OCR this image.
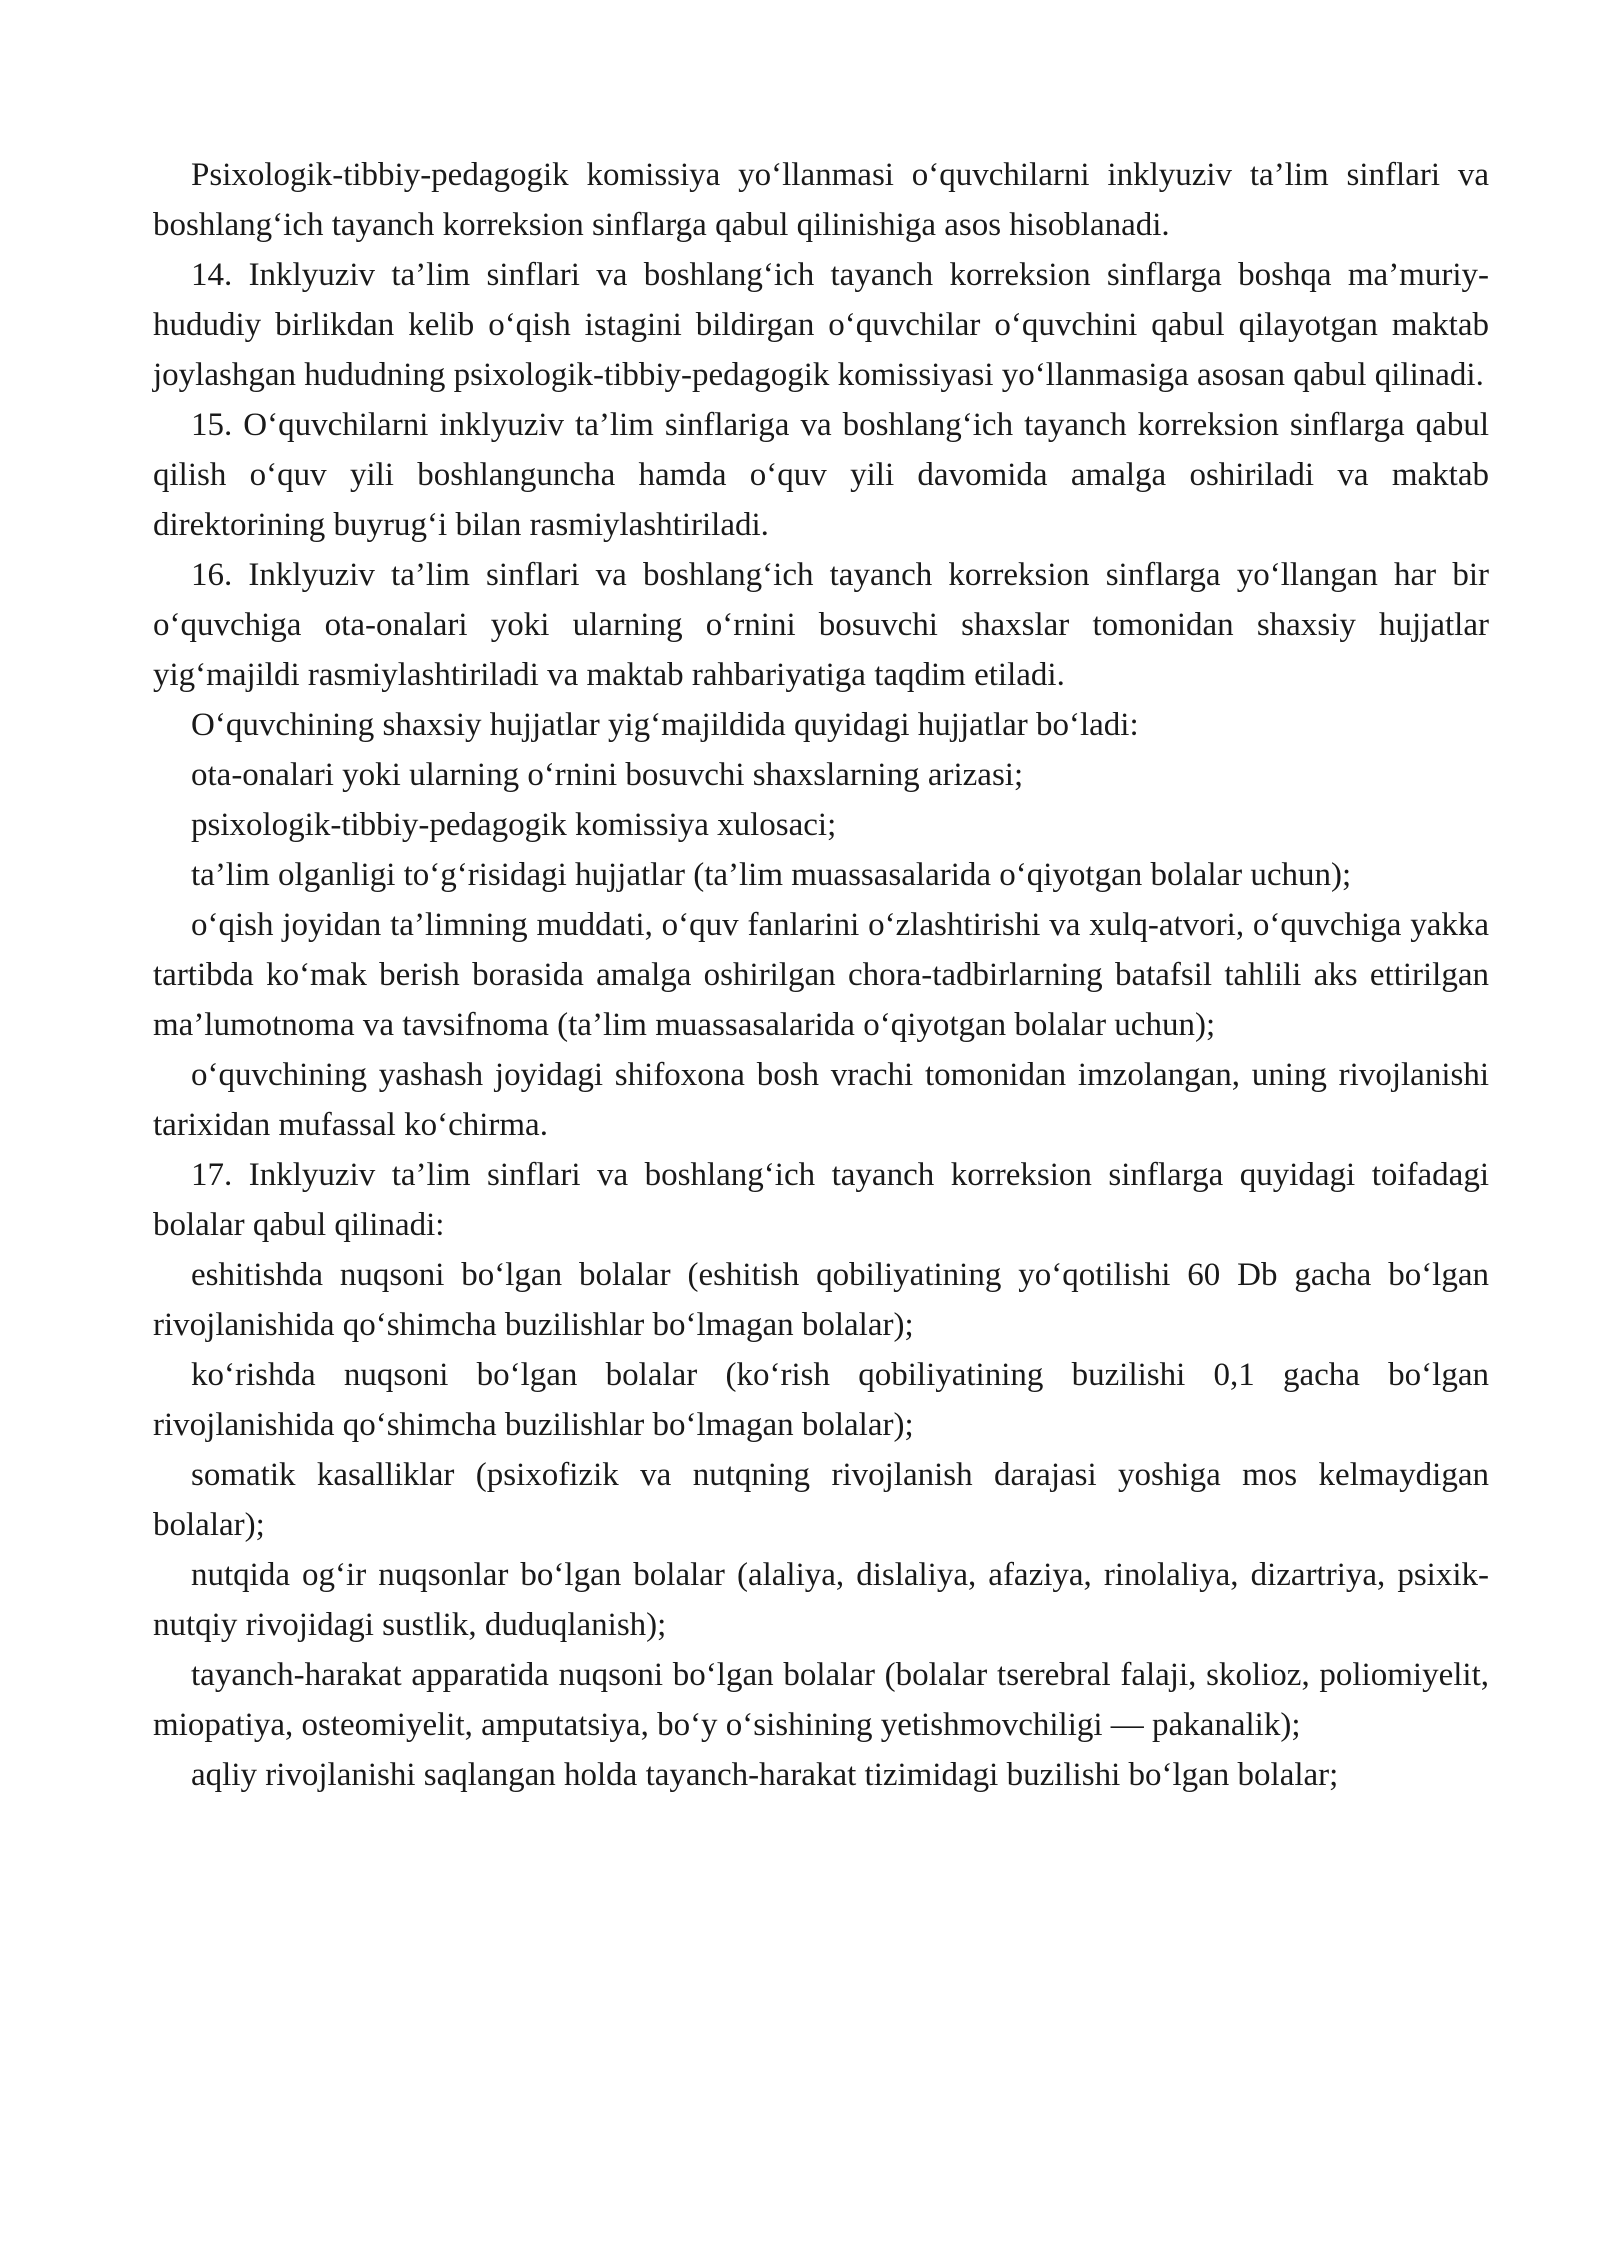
Psixologik-tibbiy-pedagogik komissiya yo‘llanmasi o‘quvchilarni inklyuziv ta’lim sinflari va boshlang‘ich tayanch korreksion sinflarga qabul qilinishiga asos hisoblanadi.

14. Inklyuziv ta’lim sinflari va boshlang‘ich tayanch korreksion sinflarga boshqa ma’muriy-hududiy birlikdan kelib o‘qish istagini bildirgan o‘quvchilar o‘quvchini qabul qilayotgan maktab joylashgan hududning psixologik-tibbiy-pedagogik komissiyasi yo‘llanmasiga asosan qabul qilinadi.

15. O‘quvchilarni inklyuziv ta’lim sinflariga va boshlang‘ich tayanch korreksion sinflarga qabul qilish o‘quv yili boshlanguncha hamda o‘quv yili davomida amalga oshiriladi va maktab direktorining buyrug‘i bilan rasmiylashtiriladi.

16. Inklyuziv ta’lim sinflari va boshlang‘ich tayanch korreksion sinflarga yo‘llangan har bir o‘quvchiga ota-onalari yoki ularning o‘rnini bosuvchi shaxslar tomonidan shaxsiy hujjatlar yig‘majildi rasmiylashtiriladi va maktab rahbariyatiga taqdim etiladi.

O‘quvchining shaxsiy hujjatlar yig‘majildida quyidagi hujjatlar bo‘ladi:

ota-onalari yoki ularning o‘rnini bosuvchi shaxslarning arizasi;

psixologik-tibbiy-pedagogik komissiya xulosaci;

ta’lim olganligi to‘g‘risidagi hujjatlar (ta’lim muassasalarida o‘qiyotgan bolalar uchun);

o‘qish joyidan ta’limning muddati, o‘quv fanlarini o‘zlashtirishi va xulq-atvori, o‘quvchiga yakka tartibda ko‘mak berish borasida amalga oshirilgan chora-tadbirlarning batafsil tahlili aks ettirilgan ma’lumotnoma va tavsifnoma (ta’lim muassasalarida o‘qiyotgan bolalar uchun);

o‘quvchining yashash joyidagi shifoxona bosh vrachi tomonidan imzolangan, uning rivojlanishi tarixidan mufassal ko‘chirma.

17. Inklyuziv ta’lim sinflari va boshlang‘ich tayanch korreksion sinflarga quyidagi toifadagi bolalar qabul qilinadi:

eshitishda nuqsoni bo‘lgan bolalar (eshitish qobiliyatining yo‘qotilishi 60 Db gacha bo‘lgan rivojlanishida qo‘shimcha buzilishlar bo‘lmagan bolalar);

ko‘rishda nuqsoni bo‘lgan bolalar (ko‘rish qobiliyatining buzilishi 0,1 gacha bo‘lgan rivojlanishida qo‘shimcha buzilishlar bo‘lmagan bolalar);

somatik kasalliklar (psixofizik va nutqning rivojlanish darajasi yoshiga mos kelmaydigan bolalar);

nutqida og‘ir nuqsonlar bo‘lgan bolalar (alaliya, dislaliya, afaziya, rinolaliya, dizartriya, psixik-nutqiy rivojidagi sustlik, duduqlanish);

tayanch-harakat apparatida nuqsoni bo‘lgan bolalar (bolalar tserebral falaji, skolioz, poliomiyelit, miopatiya, osteomiyelit, amputatsiya, bo‘y o‘sishining yetishmovchiligi — pakanalik);

aqliy rivojlanishi saqlangan holda tayanch-harakat tizimidagi buzilishi bo‘lgan bolalar;
